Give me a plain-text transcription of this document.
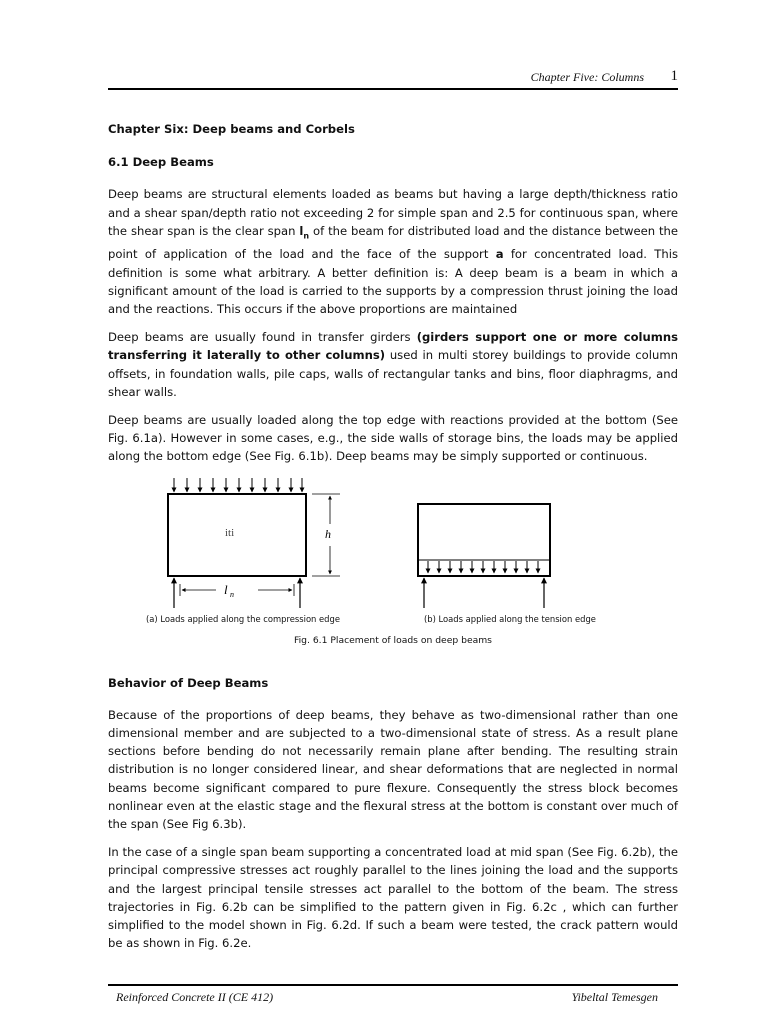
Chapter Five: Columns 1
Chapter Six: Deep beams and Corbels
6.1 Deep Beams

Deep beams are structural elements loaded as beams but having a large depth/thickness ratio and a shear span/depth ratio not exceeding 2 for simple span and 2.5 for continuous span, where the shear span is the clear span $l_n$ of the beam for distributed load and the distance between the point of application of the load and the face of the support a for concentrated load. This definition is some what arbitrary. A better definition is: A deep beam is a beam in which a significant amount of the load is carried to the supports by a compression thrust joining the load and the reactions. This occurs if the above proportions are maintained

Deep beams are usually found in transfer girders (girders support one or more columns transferring it laterally to other columns) used in multi storey buildings to provide column offsets, in foundation walls, pile caps, walls of rectangular tanks and bins, floor diaphragms, and shear walls.

Deep beams are usually loaded along the top edge with reactions provided at the bottom (See Fig. 6.1a). However in some cases, e.g., the side walls of storage bins, the loads may be applied along the bottom edge (See Fig. 6.1b). Deep beams may be simply supported or continuous.

h
l n
iti
(a) Loads applied along the compression edge	(b) Loads applied along the tension edge
Fig. 6.1 Placement of loads on deep beams
Behavior of Deep Beams

Because of the proportions of deep beams, they behave as two-dimensional rather than one dimensional member and are subjected to a two-dimensional state of stress. As a result plane sections before bending do not necessarily remain plane after bending. The resulting strain distribution is no longer considered linear, and shear deformations that are neglected in normal beams become significant compared to pure flexure. Consequently the stress block becomes nonlinear even at the elastic stage and the flexural stress at the bottom is constant over much of the span (See Fig 6.3b).

In the case of a single span beam supporting a concentrated load at mid span (See Fig. 6.2b), the principal compressive stresses act roughly parallel to the lines joining the load and the supports and the largest principal tensile stresses act parallel to the bottom of the beam. The stress trajectories in Fig. 6.2b can be simplified to the pattern given in Fig. 6.2c , which can further simplified to the model shown in Fig. 6.2d. If such a beam were tested, the crack pattern would be as shown in Fig. 6.2e.

Reinforced Concrete II (CE 412)	Yibeltal Temesgen
